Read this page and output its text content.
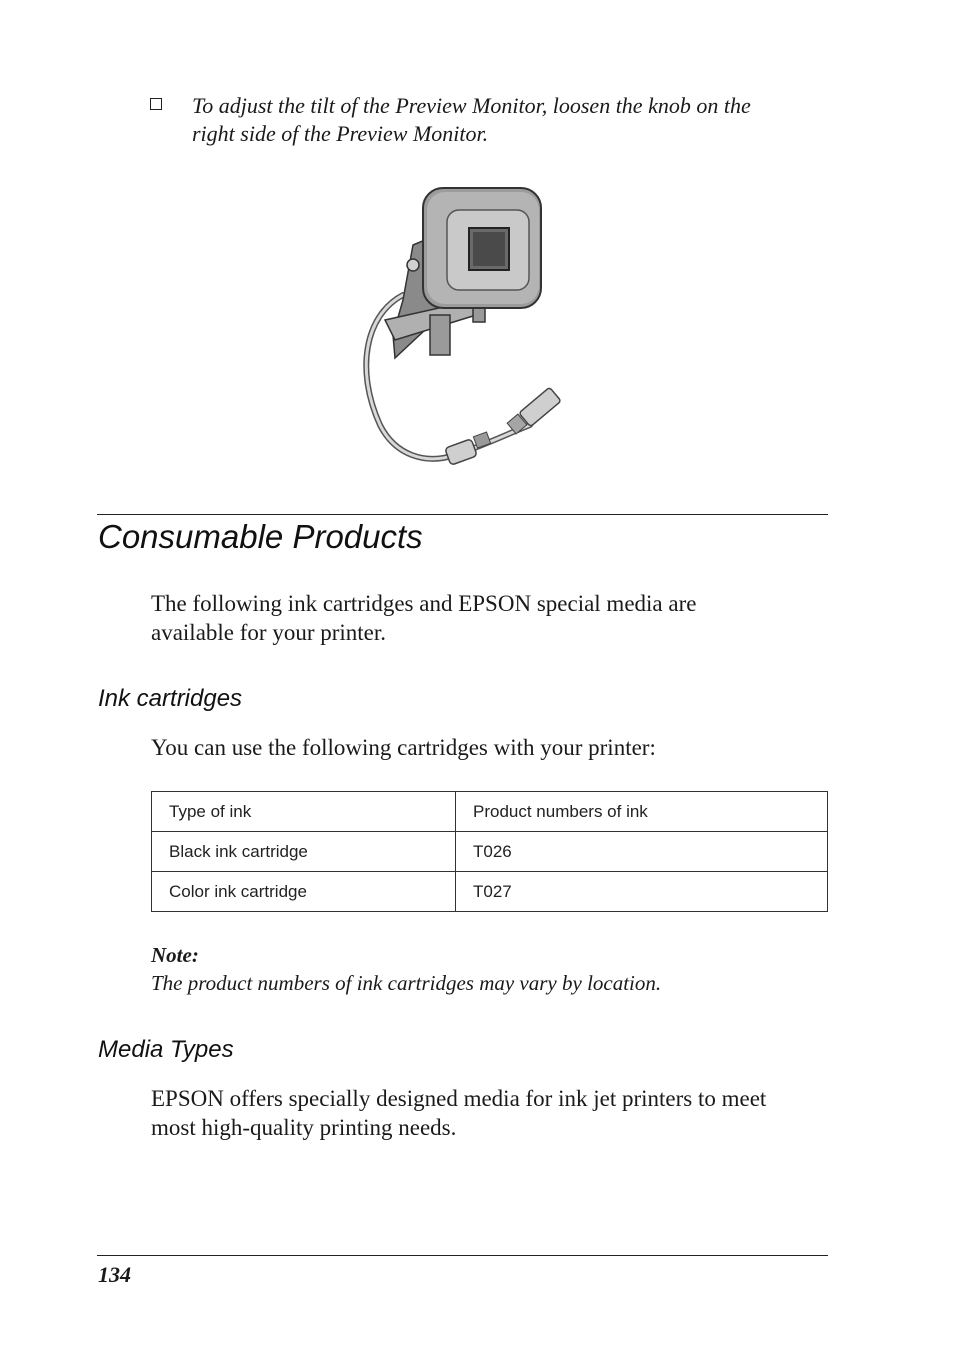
To adjust the tilt of the Preview Monitor, loosen the knob on the
right side of the Preview Monitor.
Consumable Products
The following ink cartridges and EPSON special media are
available for your printer.
Ink cartridges
You can use the following cartridges with your printer:
Type of ink	Product numbers of ink
Black ink cartridge	T026
Color ink cartridge	T027
Note:
The product numbers of ink cartridges may vary by location.
Media Types
EPSON offers specially designed media for ink jet printers to meet
most high-quality printing needs.
134
